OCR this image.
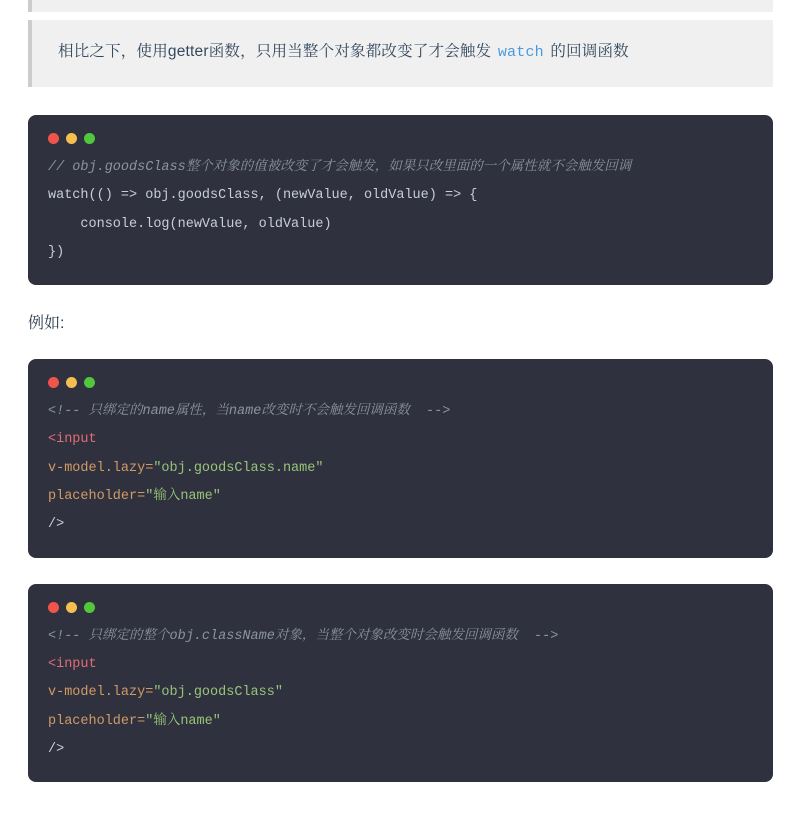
相比之下，使用getter函数，只用当整个对象都改变了才会触发 watch 的回调函数

// obj.goodsClass整个对象的值被改变了才会触发，如果只改里面的一个属性就不会触发回调
watch(() => obj.goodsClass, (newValue, oldValue) => {
console.log(newValue, oldValue)
})

例如:

<!-- 只绑定的name属性，当name改变时不会触发回调函数  -->
<input
v-model.lazy="obj.goodsClass.name"
placeholder="输入name"
/>
<!-- 只绑定的整个obj.className对象，当整个对象改变时会触发回调函数  -->
<input
v-model.lazy="obj.goodsClass"
placeholder="输入name"
/>
